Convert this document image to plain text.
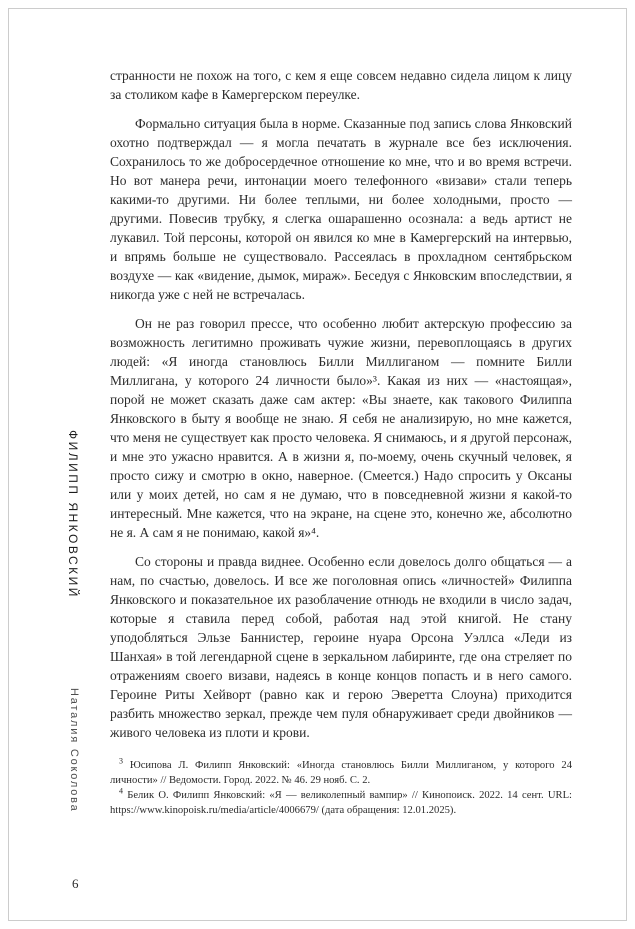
ФИЛИПП ЯНКОВСКИЙ
Наталия Соколова

странности не похож на того, с кем я еще совсем недавно сидела лицом к лицу за столиком кафе в Камергерском переулке.

Формально ситуация была в норме. Сказанные под запись слова Янковский охотно подтверждал — я могла печатать в журнале все без исключения. Сохранилось то же добросердечное отношение ко мне, что и во время встречи. Но вот манера речи, интонации моего телефонного «визави» стали теперь какими-то другими. Ни более теплыми, ни более холодными, просто — другими. Повесив трубку, я слегка ошарашенно осознала: а ведь артист не лукавил. Той персоны, которой он явился ко мне в Камергерский на интервью, и впрямь больше не существовало. Рассеялась в прохладном сентябрьском воздухе — как «видение, дымок, мираж». Беседуя с Янковским впоследствии, я никогда уже с ней не встречалась.

Он не раз говорил прессе, что особенно любит актерскую профессию за возможность легитимно проживать чужие жизни, перевоплощаясь в других людей: «Я иногда становлюсь Билли Миллиганом — помните Билли Миллигана, у которого 24 личности было»³. Какая из них — «настоящая», порой не может сказать даже сам актер: «Вы знаете, как такового Филиппа Янковского в быту я вообще не знаю. Я себя не анализирую, но мне кажется, что меня не существует как просто человека. Я снимаюсь, и я другой персонаж, и мне это ужасно нравится. А в жизни я, по-моему, очень скучный человек, я просто сижу и смотрю в окно, наверное. (Смеется.) Надо спросить у Оксаны или у моих детей, но сам я не думаю, что в повседневной жизни я какой-то интересный. Мне кажется, что на экране, на сцене это, конечно же, абсолютно не я. А сам я не понимаю, какой я»⁴.

Со стороны и правда виднее. Особенно если довелось долго общаться — а нам, по счастью, довелось. И все же поголовная опись «личностей» Филиппа Янковского и показательное их разоблачение отнюдь не входили в число задач, которые я ставила перед собой, работая над этой книгой. Не стану уподобляться Эльзе Баннистер, героине нуара Орсона Уэллса «Леди из Шанхая» в той легендарной сцене в зеркальном лабиринте, где она стреляет по отражениям своего визави, надеясь в конце концов попасть и в него самого. Героине Риты Хейворт (равно как и герою Эверетта Слоуна) приходится разбить множество зеркал, прежде чем пуля обнаруживает среди двойников — живого человека из плоти и крови.

$^3$ Юсипова Л. Филипп Янковский: «Иногда становлюсь Билли Миллиганом, у которого 24 личности» // Ведомости. Город. 2022. № 46. 29 нояб. С. 2.

$^4$ Белик О. Филипп Янковский: «Я — великолепный вампир» // Кинопоиск. 2022. 14 сент. URL: https://www.kinopoisk.ru/media/article/4006679/ (дата обращения: 12.01.2025).

6
